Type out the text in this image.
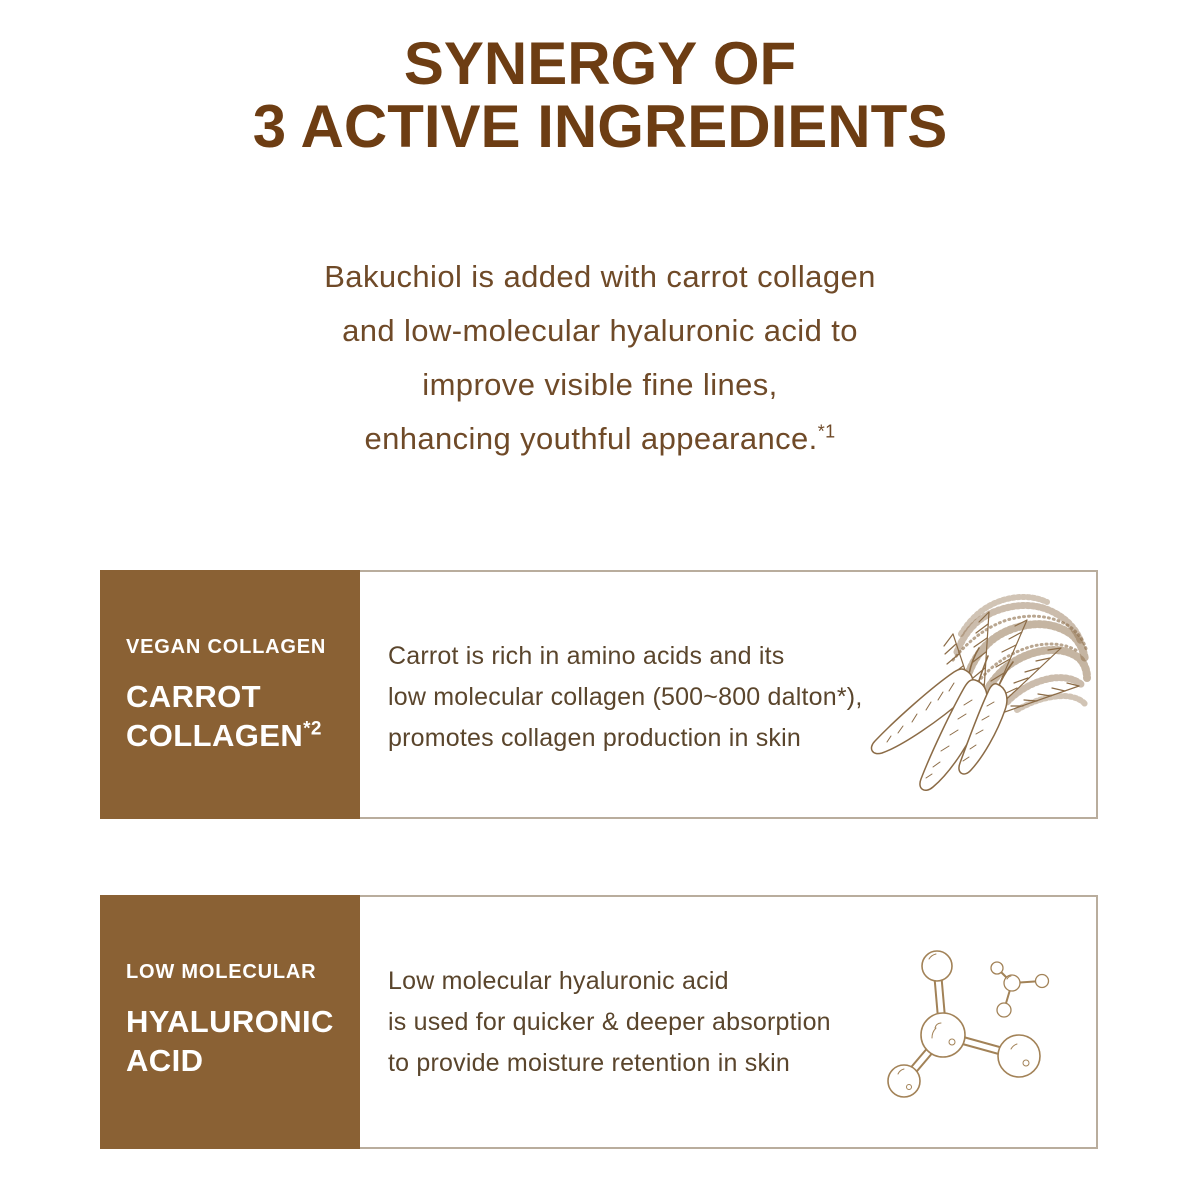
SYNERGY OF
3 ACTIVE INGREDIENTS
Bakuchiol is added with carrot collagen
and low-molecular hyaluronic acid to
improve visible fine lines,
enhancing youthful appearance.$^{*1}$
VEGAN COLLAGEN
CARROT
COLLAGEN$^{*2}$
Carrot is rich in amino acids and its
low molecular collagen (500~800 dalton*),
promotes collagen production in skin
LOW MOLECULAR
HYALURONIC
ACID
Low molecular hyaluronic acid
is used for quicker & deeper absorption
to provide moisture retention in skin
